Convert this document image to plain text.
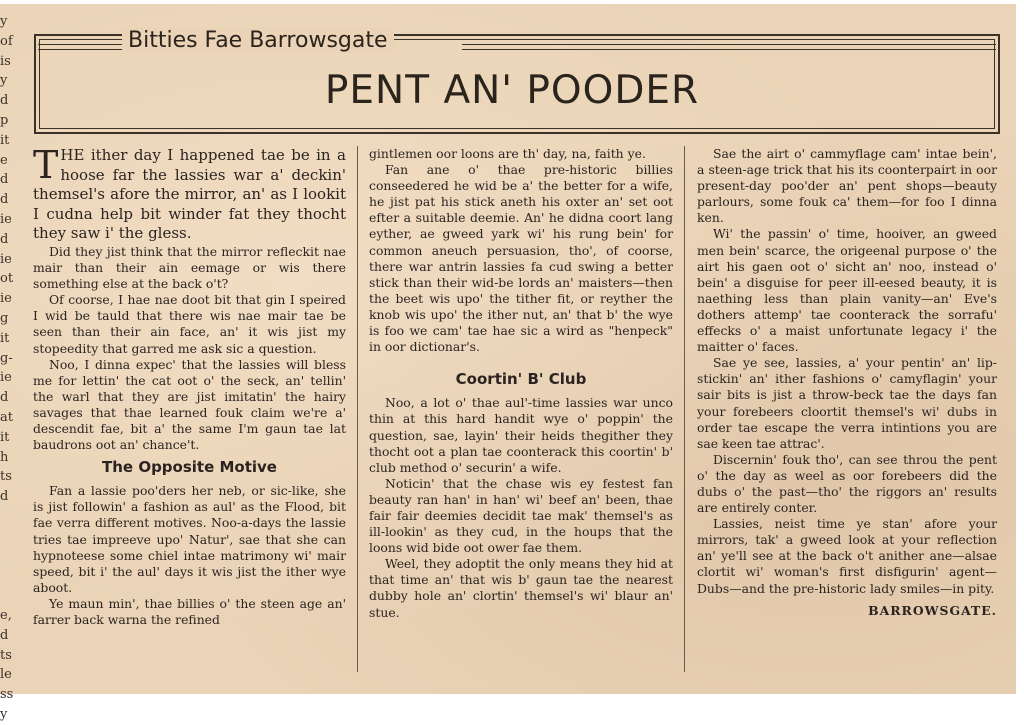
y
of
is
y
d
p
it
e
d
d
ie
d
ie
ot
ie
g
it
g-
ie
d
at
it
h
ts
d

e,
d
ts
le
ss
y
Bitties Fae Barrowsgate
PENT AN' POODER

THE ither day I happened tae be in a hoose far the lassies war a' deckin' themsel's afore the mirror, an' as I lookit I cudna help bit winder fat they thocht they saw i' the gless.

Did they jist think that the mirror refleckit nae mair than their ain eemage or wis there something else at the back o't?

Of coorse, I hae nae doot bit that gin I speired I wid be tauld that there wis nae mair tae be seen than their ain face, an' it wis jist my stopeedity that garred me ask sic a question.

Noo, I dinna expec' that the lassies will bless me for lettin' the cat oot o' the seck, an' tellin' the warl that they are jist imitatin' the hairy savages that thae learned fouk claim we're a' descendit fae, bit a' the same I'm gaun tae lat baudrons oot an' chance't.

The Opposite Motive

Fan a lassie poo'ders her neb, or sic-like, she is jist followin' a fashion as aul' as the Flood, bit fae verra different motives. Noo-a-days the lassie tries tae impreeve upo' Natur', sae that she can hypnoteese some chiel intae matrimony wi' mair speed, bit i' the aul' days it wis jist the ither wye aboot.

Ye maun min', thae billies o' the steen age an' farrer back warna the refined

gintlemen oor loons are th' day, na, faith ye.

Fan ane o' thae pre-historic billies conseedered he wid be a' the better for a wife, he jist pat his stick aneth his oxter an' set oot efter a suitable deemie. An' he didna coort lang eyther, ae gweed yark wi' his rung bein' for common aneuch persuasion, tho', of coorse, there war antrin lassies fa cud swing a better stick than their wid-be lords an' maisters—then the beet wis upo' the tither fit, or reyther the knob wis upo' the ither nut, an' that b' the wye is foo we cam' tae hae sic a wird as "henpeck" in oor dictionar's.

Coortin' B' Club

Noo, a lot o' thae aul'-time lassies war unco thin at this hard handit wye o' poppin' the question, sae, layin' their heids thegither they thocht oot a plan tae coonterack this coortin' b' club method o' securin' a wife.

Noticin' that the chase wis ey festest fan beauty ran han' in han' wi' beef an' been, thae fair fair deemies decidit tae mak' themsel's as ill-lookin' as they cud, in the houps that the loons wid bide oot ower fae them.

Weel, they adoptit the only means they hid at that time an' that wis b' gaun tae the nearest dubby hole an' clortin' themsel's wi' blaur an' stue.

Sae the airt o' cammyflage cam' intae bein', a steen-age trick that his its coonterpairt in oor present-day poo'der an' pent shops—beauty parlours, some fouk ca' them—for foo I dinna ken.

Wi' the passin' o' time, hooiver, an gweed men bein' scarce, the origeenal purpose o' the airt his gaen oot o' sicht an' noo, instead o' bein' a disguise for peer ill-eesed beauty, it is naething less than plain vanity—an' Eve's dothers attemp' tae coonterack the sorrafu' effecks o' a maist unfortunate legacy i' the maitter o' faces.

Sae ye see, lassies, a' your pentin' an' lip-stickin' an' ither fashions o' camyflagin' your sair bits is jist a throw-beck tae the days fan your forebeers cloortit themsel's wi' dubs in order tae escape the verra intintions you are sae keen tae attrac'.

Discernin' fouk tho', can see throu the pent o' the day as weel as oor forebeers did the dubs o' the past—tho' the riggors an' results are entirely conter.

Lassies, neist time ye stan' afore your mirrors, tak' a gweed look at your reflection an' ye'll see at the back o't anither ane—alsae clortit wi' woman's first disfigurin' agent—Dubs—and the pre-historic lady smiles—in pity.

BARROWSGATE.
